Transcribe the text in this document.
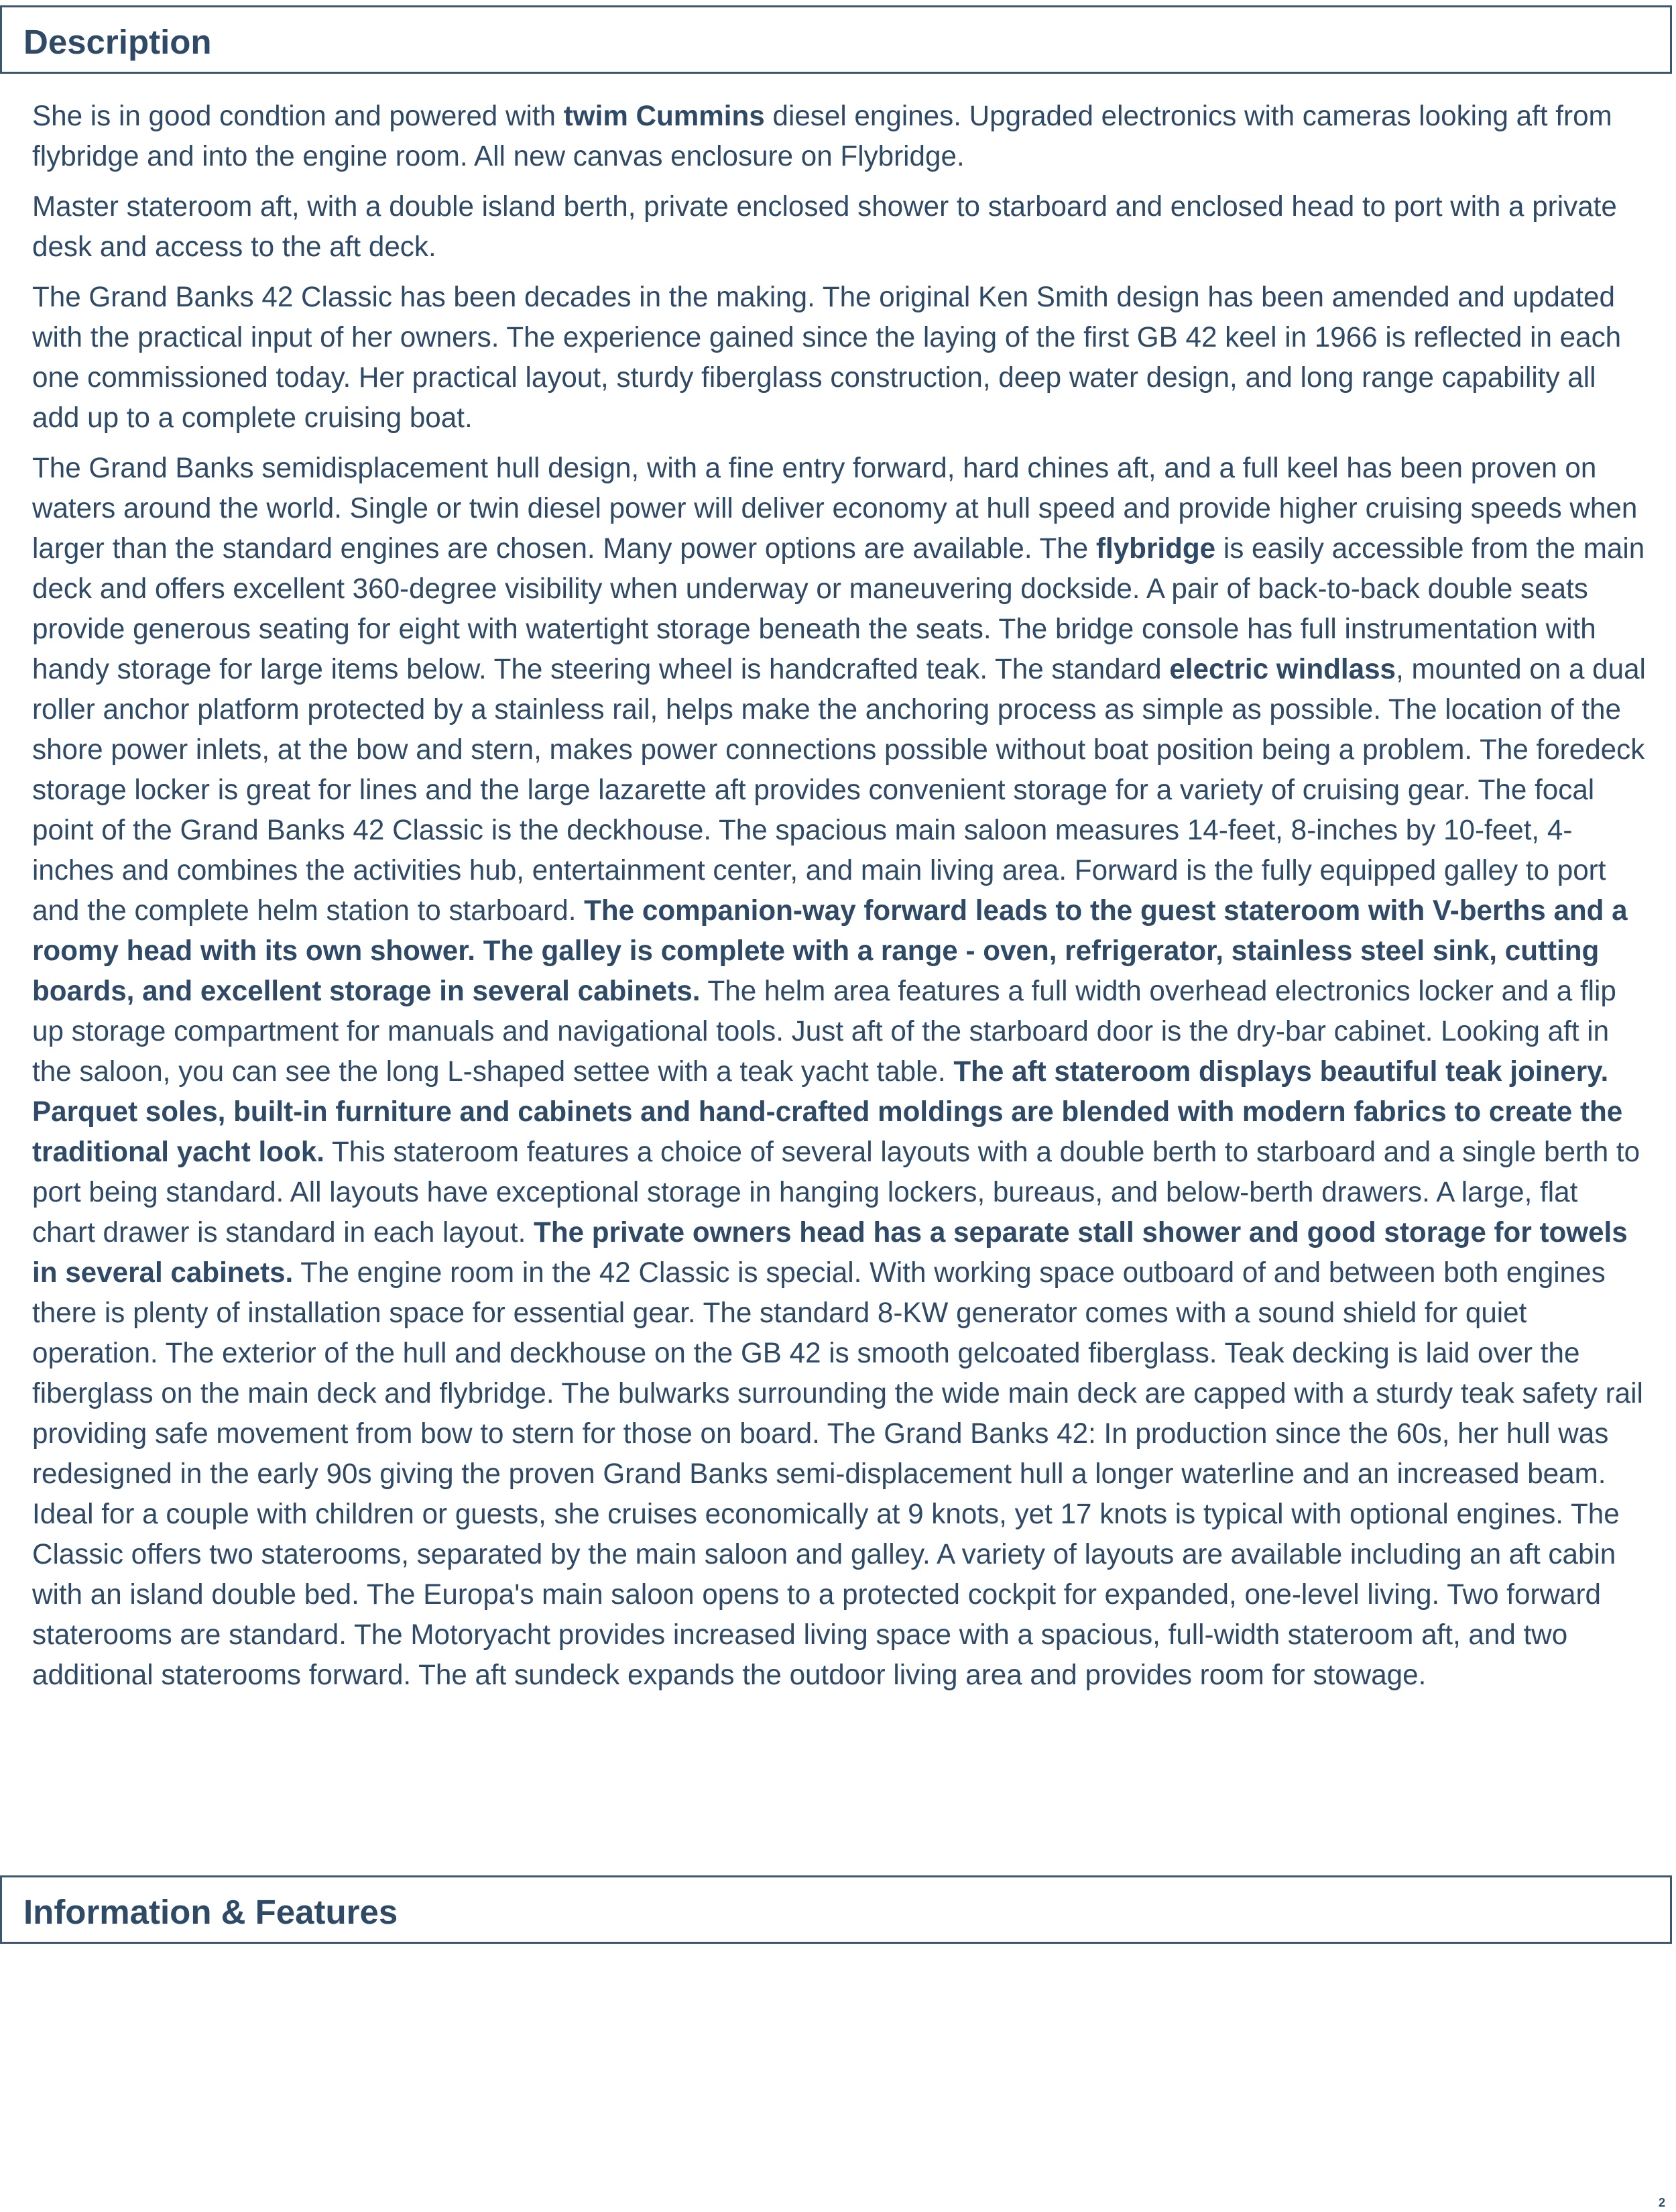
Description

She is in good condtion and powered with twim Cummins diesel engines. Upgraded electronics with cameras looking aft from flybridge and into the engine room. All new canvas enclosure on Flybridge.

Master stateroom aft, with a double island berth, private enclosed shower to starboard and enclosed head to port with a private desk and access to the aft deck.

The Grand Banks 42 Classic has been decades in the making. The original Ken Smith design has been amended and updated with the practical input of her owners. The experience gained since the laying of the first GB 42 keel in 1966 is reflected in each one commissioned today. Her practical layout, sturdy fiberglass construction, deep water design, and long range capability all add up to a complete cruising boat.

The Grand Banks semidisplacement hull design, with a fine entry forward, hard chines aft, and a full keel has been proven on waters around the world. Single or twin diesel power will deliver economy at hull speed and provide higher cruising speeds when larger than the standard engines are chosen. Many power options are available. The flybridge is easily accessible from the main deck and offers excellent 360-degree visibility when underway or maneuvering dockside. A pair of back-to-back double seats provide generous seating for eight with watertight storage beneath the seats. The bridge console has full instrumentation with handy storage for large items below. The steering wheel is handcrafted teak. The standard electric windlass, mounted on a dual roller anchor platform protected by a stainless rail, helps make the anchoring process as simple as possible. The location of the shore power inlets, at the bow and stern, makes power connections possible without boat position being a problem. The foredeck storage locker is great for lines and the large lazarette aft provides convenient storage for a variety of cruising gear. The focal point of the Grand Banks 42 Classic is the deckhouse. The spacious main saloon measures 14-feet, 8-inches by 10-feet, 4-inches and combines the activities hub, entertainment center, and main living area. Forward is the fully equipped galley to port and the complete helm station to starboard. The companion-way forward leads to the guest stateroom with V-berths and a roomy head with its own shower. The galley is complete with a range - oven, refrigerator, stainless steel sink, cutting boards, and excellent storage in several cabinets. The helm area features a full width overhead electronics locker and a flip up storage compartment for manuals and navigational tools. Just aft of the starboard door is the dry-bar cabinet. Looking aft in the saloon, you can see the long L-shaped settee with a teak yacht table. The aft stateroom displays beautiful teak joinery. Parquet soles, built-in furniture and cabinets and hand-crafted moldings are blended with modern fabrics to create the traditional yacht look. This stateroom features a choice of several layouts with a double berth to starboard and a single berth to port being standard. All layouts have exceptional storage in hanging lockers, bureaus, and below-berth drawers. A large, flat chart drawer is standard in each layout. The private owners head has a separate stall shower and good storage for towels in several cabinets. The engine room in the 42 Classic is special. With working space outboard of and between both engines there is plenty of installation space for essential gear. The standard 8-KW generator comes with a sound shield for quiet operation. The exterior of the hull and deckhouse on the GB 42 is smooth gelcoated fiberglass. Teak decking is laid over the fiberglass on the main deck and flybridge. The bulwarks surrounding the wide main deck are capped with a sturdy teak safety rail providing safe movement from bow to stern for those on board. The Grand Banks 42: In production since the 60s, her hull was redesigned in the early 90s giving the proven Grand Banks semi-displacement hull a longer waterline and an increased beam. Ideal for a couple with children or guests, she cruises economically at 9 knots, yet 17 knots is typical with optional engines. The Classic offers two staterooms, separated by the main saloon and galley. A variety of layouts are available including an aft cabin with an island double bed. The Europa's main saloon opens to a protected cockpit for expanded, one-level living. Two forward staterooms are standard. The Motoryacht provides increased living space with a spacious, full-width stateroom aft, and two additional staterooms forward. The aft sundeck expands the outdoor living area and provides room for stowage.

Information & Features
2
